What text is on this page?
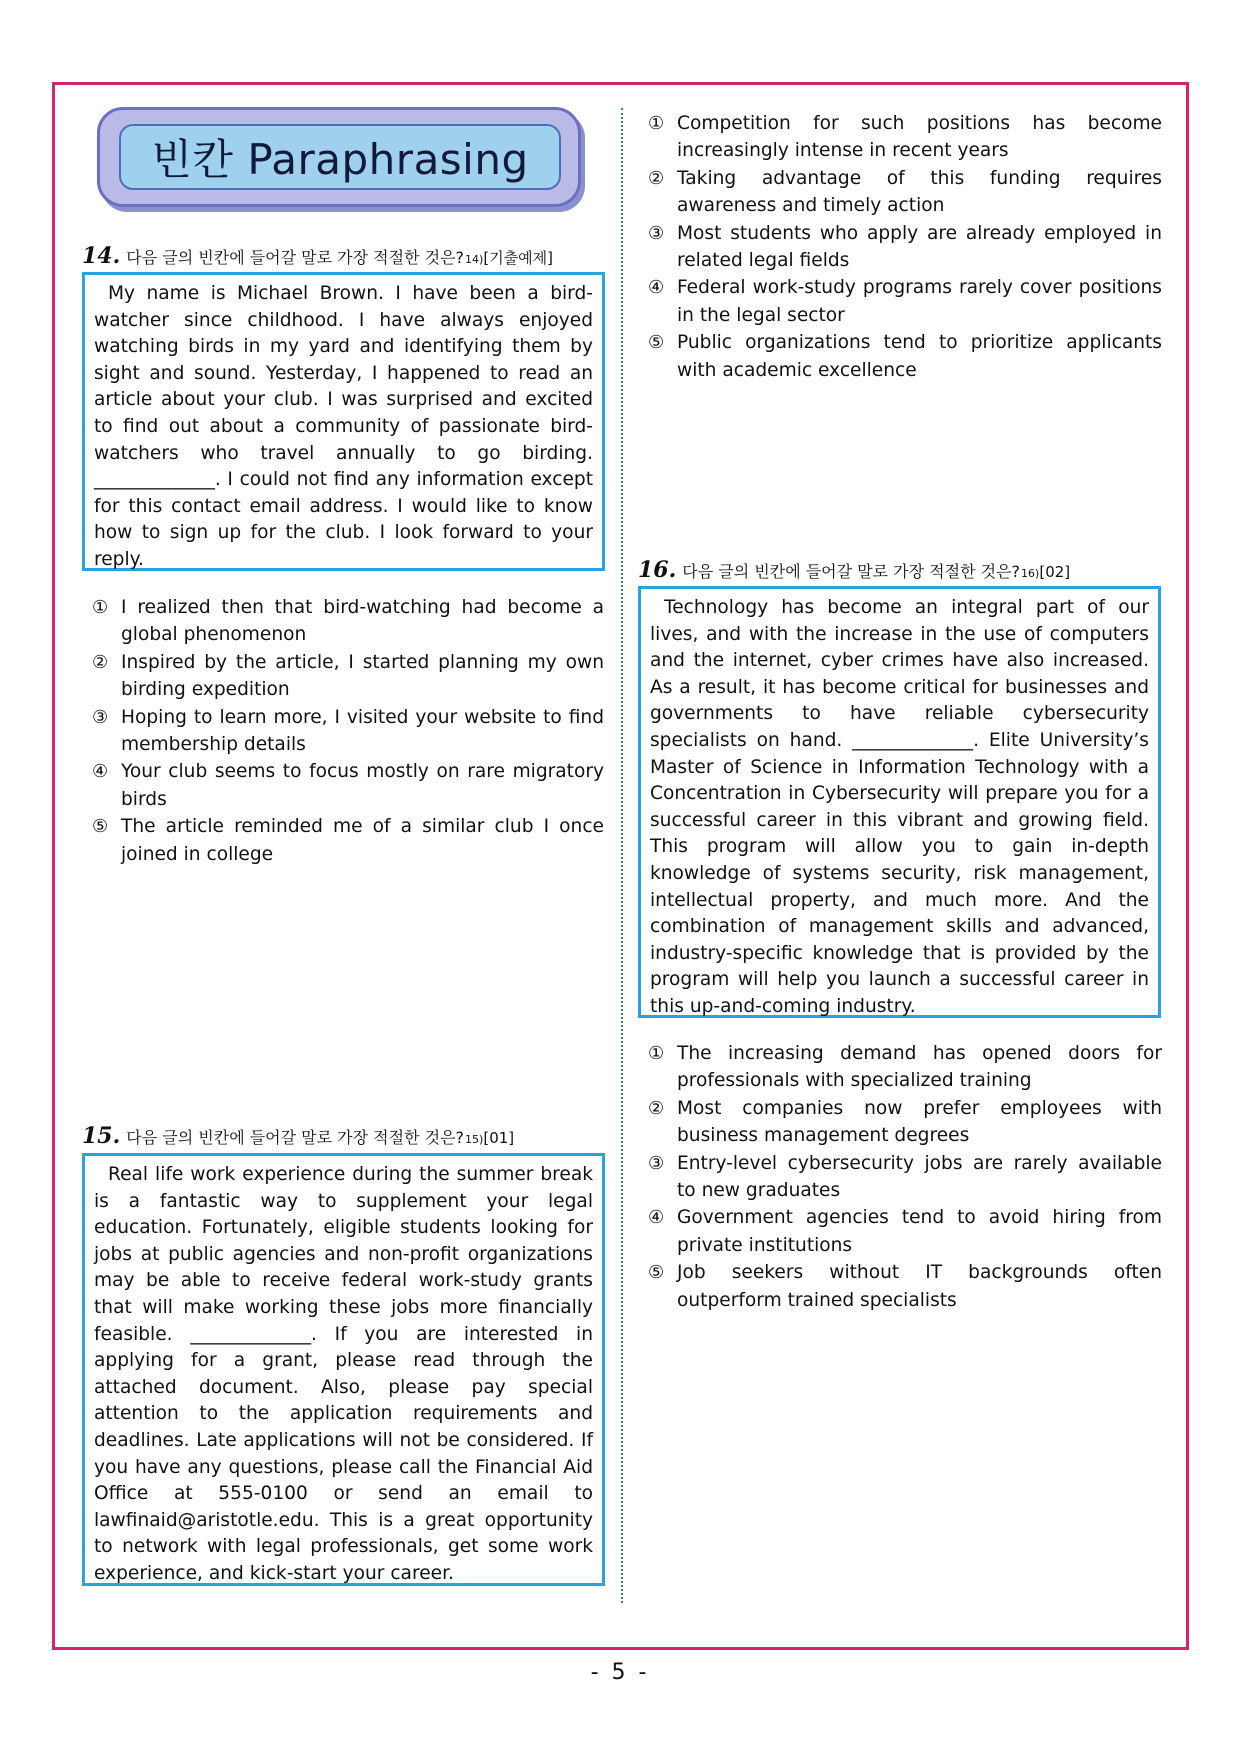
빈칸 Paraphrasing
14. 다음 글의 빈칸에 들어갈 말로 가장 적절한 것은? 14) [기출예제]
My name is Michael Brown. I have been a bird-watcher since childhood. I have always enjoyed watching birds in my yard and identifying them by sight and sound. Yesterday, I happened to read an article about your club. I was surprised and excited to find out about a community of passionate bird-watchers who travel annually to go birding. _____________. I could not find any information except for this contact email address. I would like to know how to sign up for the club. I look forward to your reply.
① I realized then that bird-watching had become a global phenomenon
② Inspired by the article, I started planning my own birding expedition
③ Hoping to learn more, I visited your website to find membership details
④ Your club seems to focus mostly on rare migratory birds
⑤ The article reminded me of a similar club I once joined in college
15. 다음 글의 빈칸에 들어갈 말로 가장 적절한 것은? 15) [01]
Real life work experience during the summer break is a fantastic way to supplement your legal education. Fortunately, eligible students looking for jobs at public agencies and non-profit organizations may be able to receive federal work-study grants that will make working these jobs more financially feasible. _____________. If you are interested in applying for a grant, please read through the attached document. Also, please pay special attention to the application requirements and deadlines. Late applications will not be considered. If you have any questions, please call the Financial Aid Office at 555-0100 or send an email to lawfinaid@aristotle.edu. This is a great opportunity to network with legal professionals, get some work experience, and kick-start your career.
① Competition for such positions has become increasingly intense in recent years
② Taking advantage of this funding requires awareness and timely action
③ Most students who apply are already employed in related legal fields
④ Federal work-study programs rarely cover positions in the legal sector
⑤ Public organizations tend to prioritize applicants with academic excellence
16. 다음 글의 빈칸에 들어갈 말로 가장 적절한 것은? 16) [02]
Technology has become an integral part of our lives, and with the increase in the use of computers and the internet, cyber crimes have also increased. As a result, it has become critical for businesses and governments to have reliable cybersecurity specialists on hand. _____________. Elite University’s Master of Science in Information Technology with a Concentration in Cybersecurity will prepare you for a successful career in this vibrant and growing field. This program will allow you to gain in-depth knowledge of systems security, risk management, intellectual property, and much more. And the combination of management skills and advanced, industry-specific knowledge that is provided by the program will help you launch a successful career in this up-and-coming industry.
① The increasing demand has opened doors for professionals with specialized training
② Most companies now prefer employees with business management degrees
③ Entry-level cybersecurity jobs are rarely available to new graduates
④ Government agencies tend to avoid hiring from private institutions
⑤ Job seekers without IT backgrounds often outperform trained specialists
- 5 -
